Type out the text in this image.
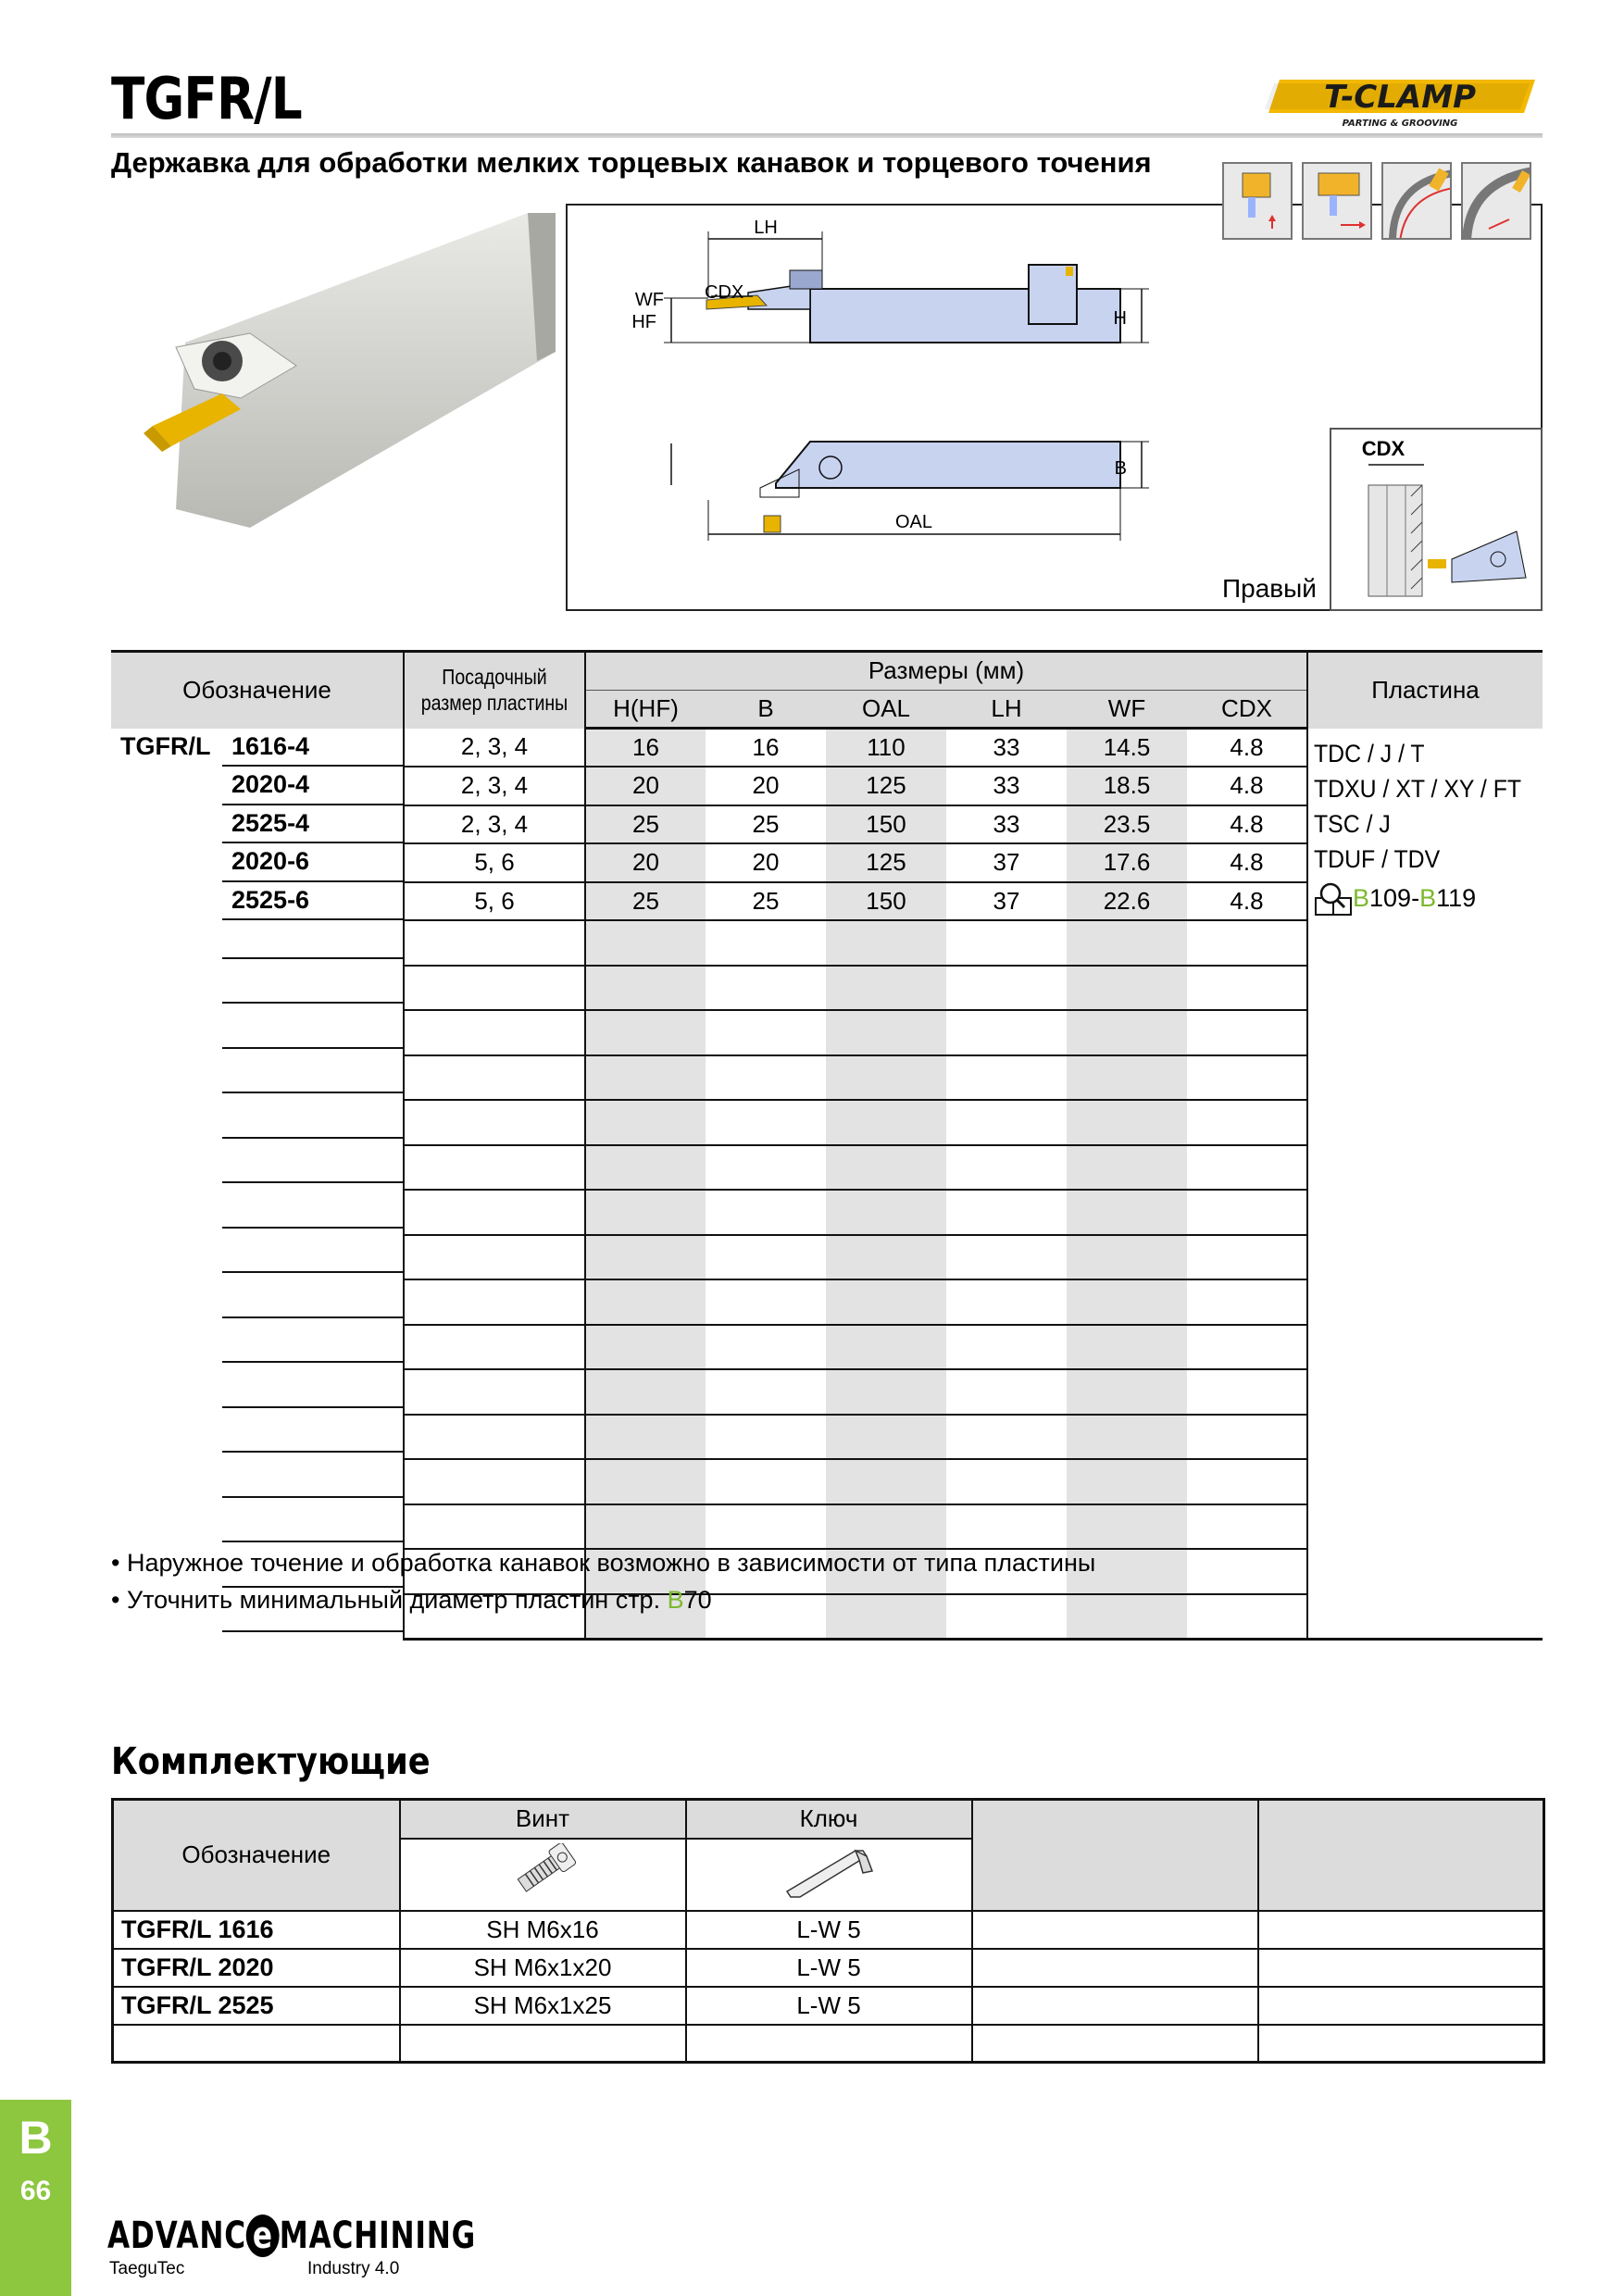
TGFR/L	T-CLAMP
PARTING & GROOVING
Державка для обработки мелких торцевых канавок и торцевого точения
LH
HF	H
CDX
WF
B
OAL
CDX
Правый
Обозначение	Посадочный размер пластины	Размеры (мм)						Пластина
		H(HF)	B	OAL	LH	WF	CDX	
TGFR/L 1616-4	2, 3, 4	16	16	110	33	14.5	4.8	TDC / J / T
TDXU / XT / XY / FT
TSC / J
TDUF / TDV
B109-B119

2020-4	2, 3, 4	20	20	125	33	18.5	4.8	
2525-4	2, 3, 4	25	25	150	33	23.5	4.8	
2020-6	5, 6	20	20	125	37	17.6	4.8	
2525-6	5, 6	25	25	150	37	22.6	4.8	

• Наружное точение и обработка канавок возможно в зависимости от типа пластины
• Уточнить минимальный диаметр пластин стр. B70
Комплектующие
Обозначение	Винт	Ключ		

TGFR/L 1616	SH M6x16	L-W 5		
TGFR/L 2020	SH M6x1x20	L-W 5		
TGFR/L 2525	SH M6x1x25	L-W 5		

B
66
ADVANC e MACHINING
TaeguTec	Industry 4.0
